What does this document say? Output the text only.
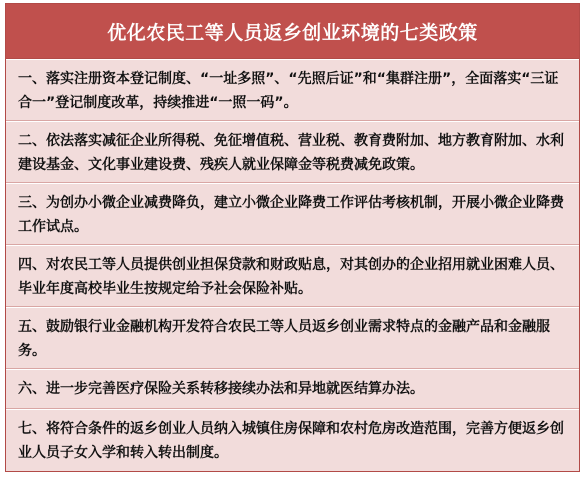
优化农民工等人员返乡创业环境的七类政策
一、落实注册资本登记制度、“一址多照”、“先照后证”和“集群注册”，全面落实“三证合一”登记制度改革，持续推进“一照一码”。
二、依法落实减征企业所得税、免征增值税、营业税、教育费附加、地方教育附加、水利建设基金、文化事业建设费、残疾人就业保障金等税费减免政策。
三、为创办小微企业减费降负，建立小微企业降费工作评估考核机制，开展小微企业降费工作试点。
四、对农民工等人员提供创业担保贷款和财政贴息，对其创办的企业招用就业困难人员、毕业年度高校毕业生按规定给予社会保险补贴。
五、鼓励银行业金融机构开发符合农民工等人员返乡创业需求特点的金融产品和金融服务。
六、进一步完善医疗保险关系转移接续办法和异地就医结算办法。
七、将符合条件的返乡创业人员纳入城镇住房保障和农村危房改造范围，完善方便返乡创业人员子女入学和转入转出制度。
